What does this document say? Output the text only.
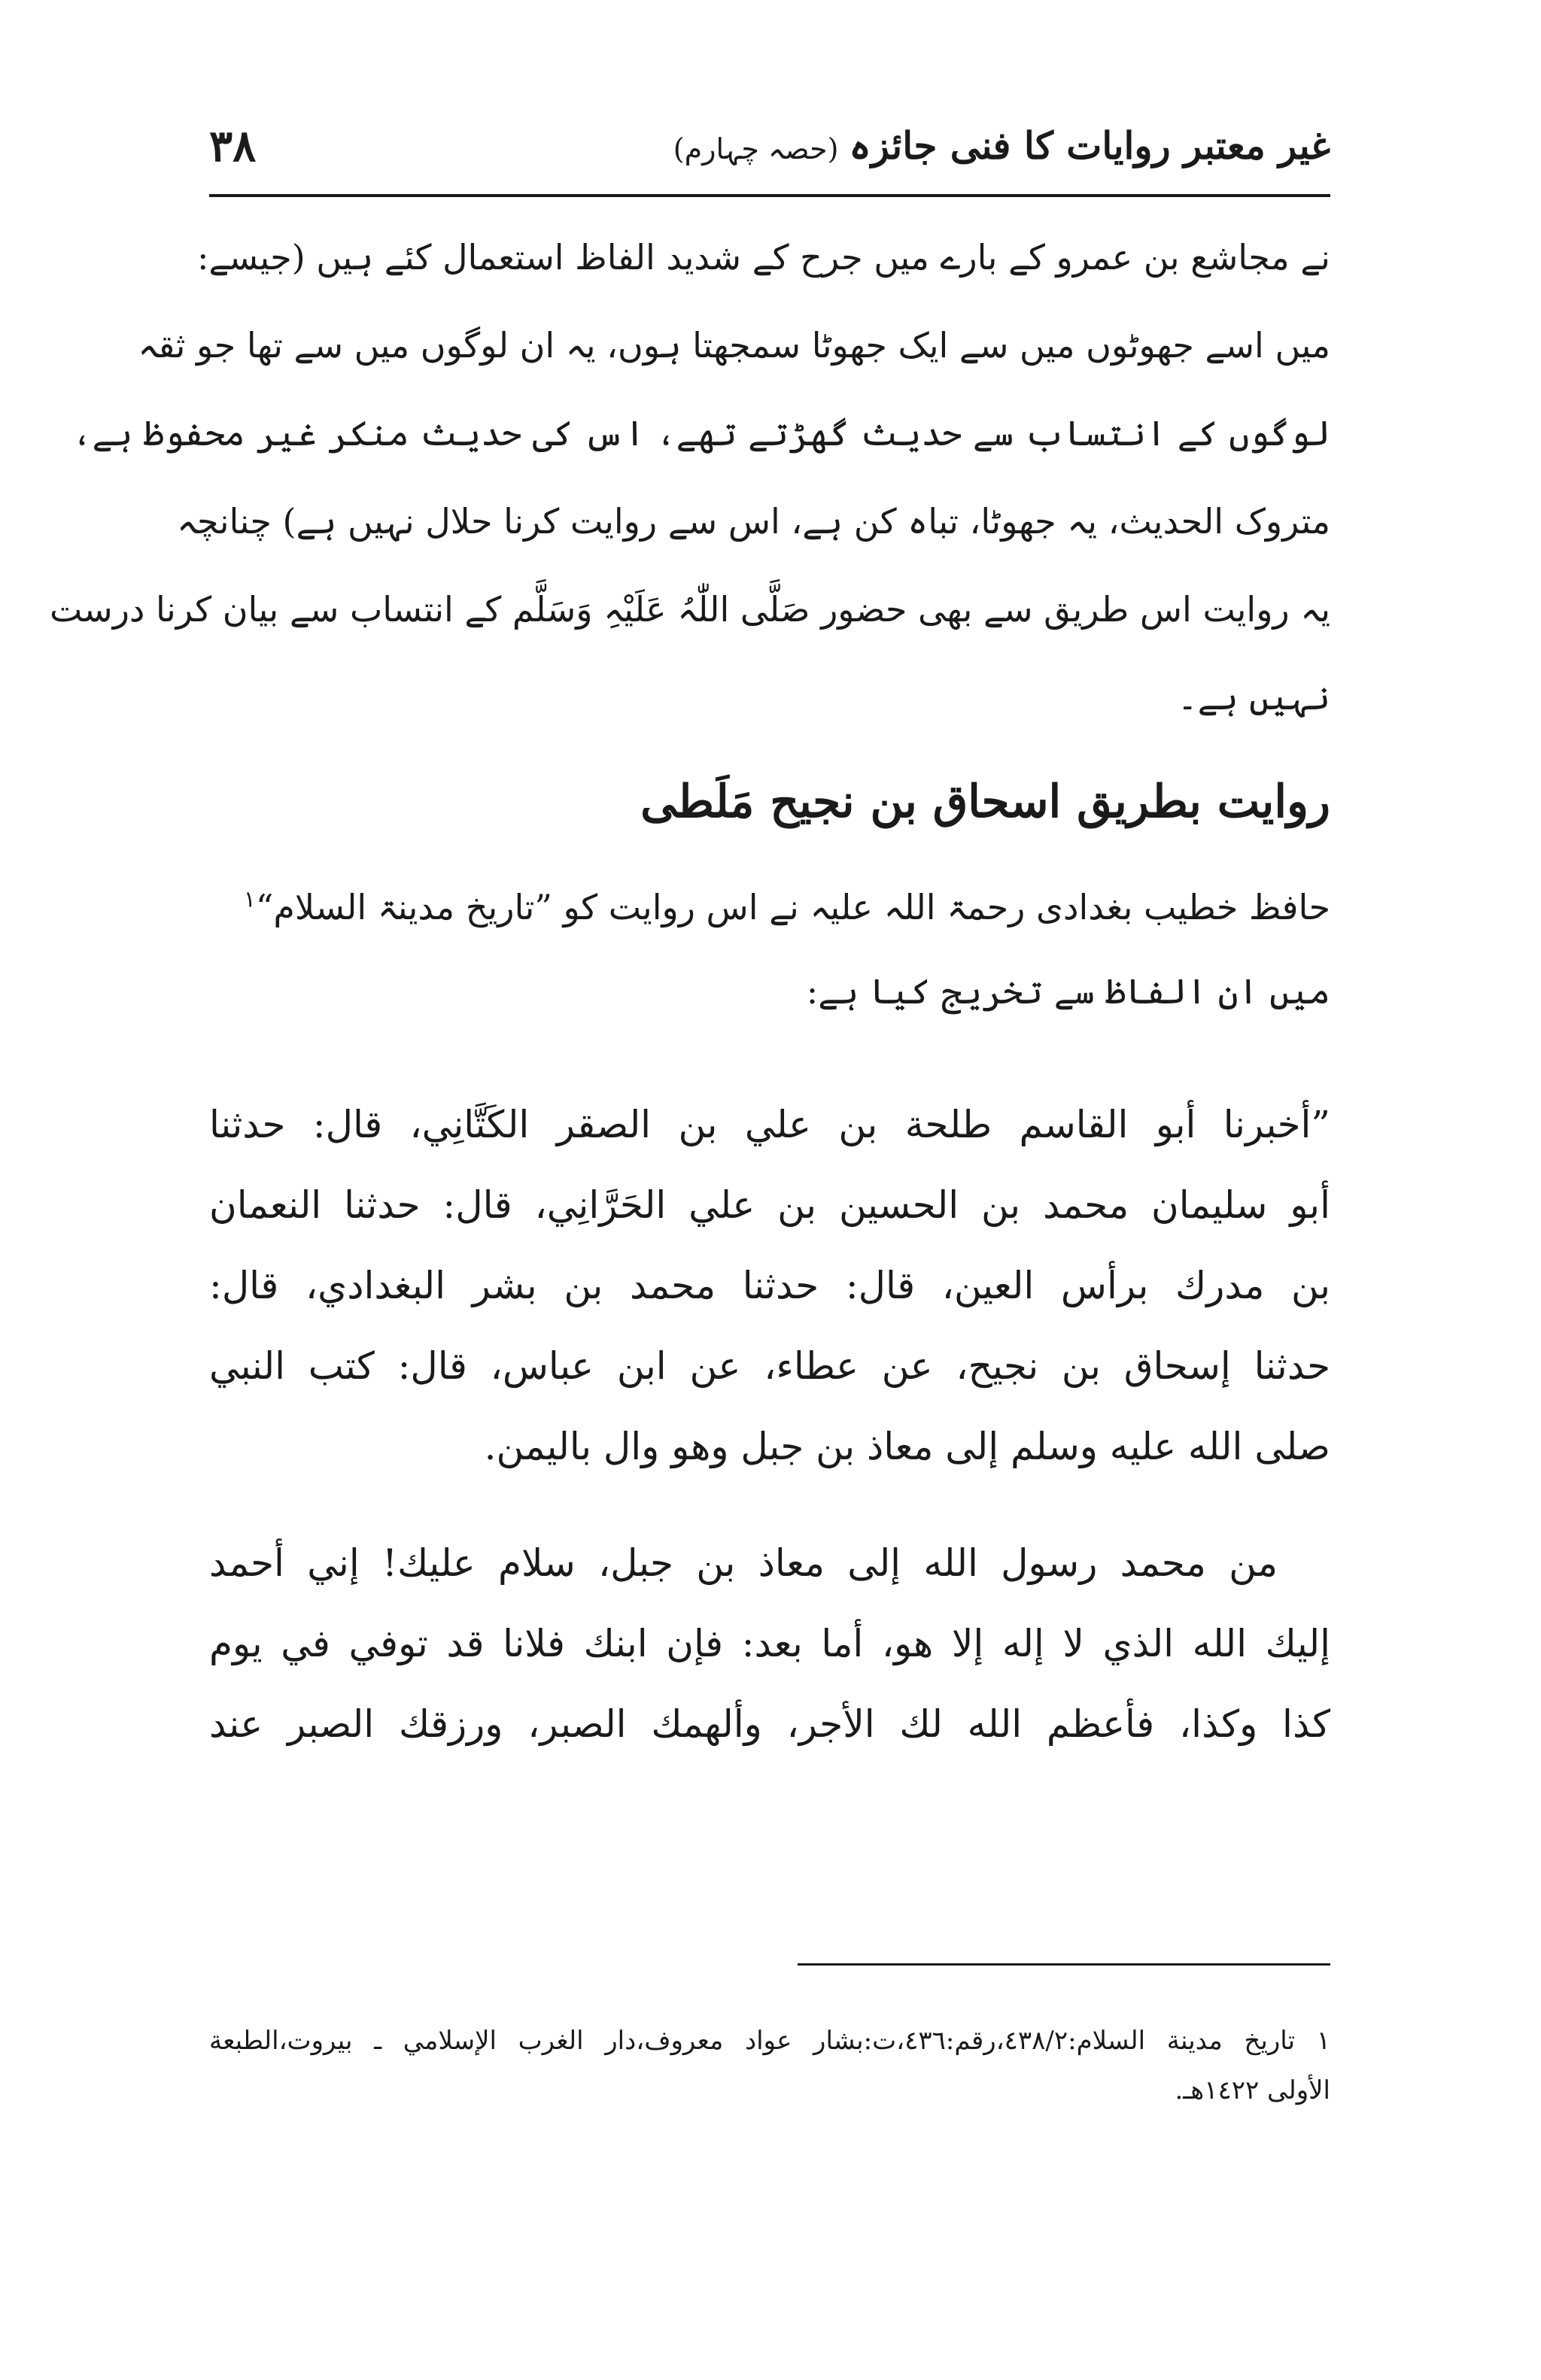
غیر معتبر روایات کا فنی جائزہ(حصہ چہارم)
۳۸

نے مجاشع بن عمرو کے بارے میں جرح کے شدید الفاظ استعمال کئے ہیں (جیسے:
میں اسے جھوٹوں میں سے ایک جھوٹا سمجھتا ہوں، یہ ان لوگوں میں سے تھا جو ثقہ
لوگوں کے انتساب سے حدیث گھڑتے تھے، اس کی حدیث منکر غیر محفوظ ہے،
متروک الحدیث، یہ جھوٹا، تباہ کن ہے، اس سے روایت کرنا حلال نہیں ہے) چنانچہ
یہ روایت اس طریق سے بھی حضور صَلَّی اللّٰہُ عَلَیْہِ وَسَلَّم کے انتساب سے بیان کرنا درست
نہیں ہے۔

روایت بطریق اسحاق بن نجیح مَلَطی

حافظ خطیب بغدادی رحمۃ اللہ علیہ نے اس روایت کو ”تاریخ مدینۃ السلام“$^۱$
میں ان الفاظ سے تخریج کیا ہے:

”أخبرنا أبو القاسم طلحة بن علي بن الصقر الكَتَّانِي، قال: حدثنا
أبو سليمان محمد بن الحسين بن علي الحَرَّانِي، قال: حدثنا النعمان
بن مدرك برأس العين، قال: حدثنا محمد بن بشر البغدادي، قال:
حدثنا إسحاق بن نجيح، عن عطاء، عن ابن عباس، قال: كتب النبي
صلى الله عليه وسلم إلى معاذ بن جبل وهو وال باليمن.

من محمد رسول الله إلى معاذ بن جبل، سلام عليك! إني أحمد
إليك الله الذي لا إله إلا هو، أما بعد: فإن ابنك فلانا قد توفي في يوم
كذا وكذا، فأعظم الله لك الأجر، وألهمك الصبر، ورزقك الصبر عند

۱ تاريخ مدينة السلام:٤٣٨/٢،رقم:٤٣٦،ت:بشار عواد معروف،دار الغرب الإسلامي ـ بيروت،الطبعة
الأولى ١٤٢٢هـ.
